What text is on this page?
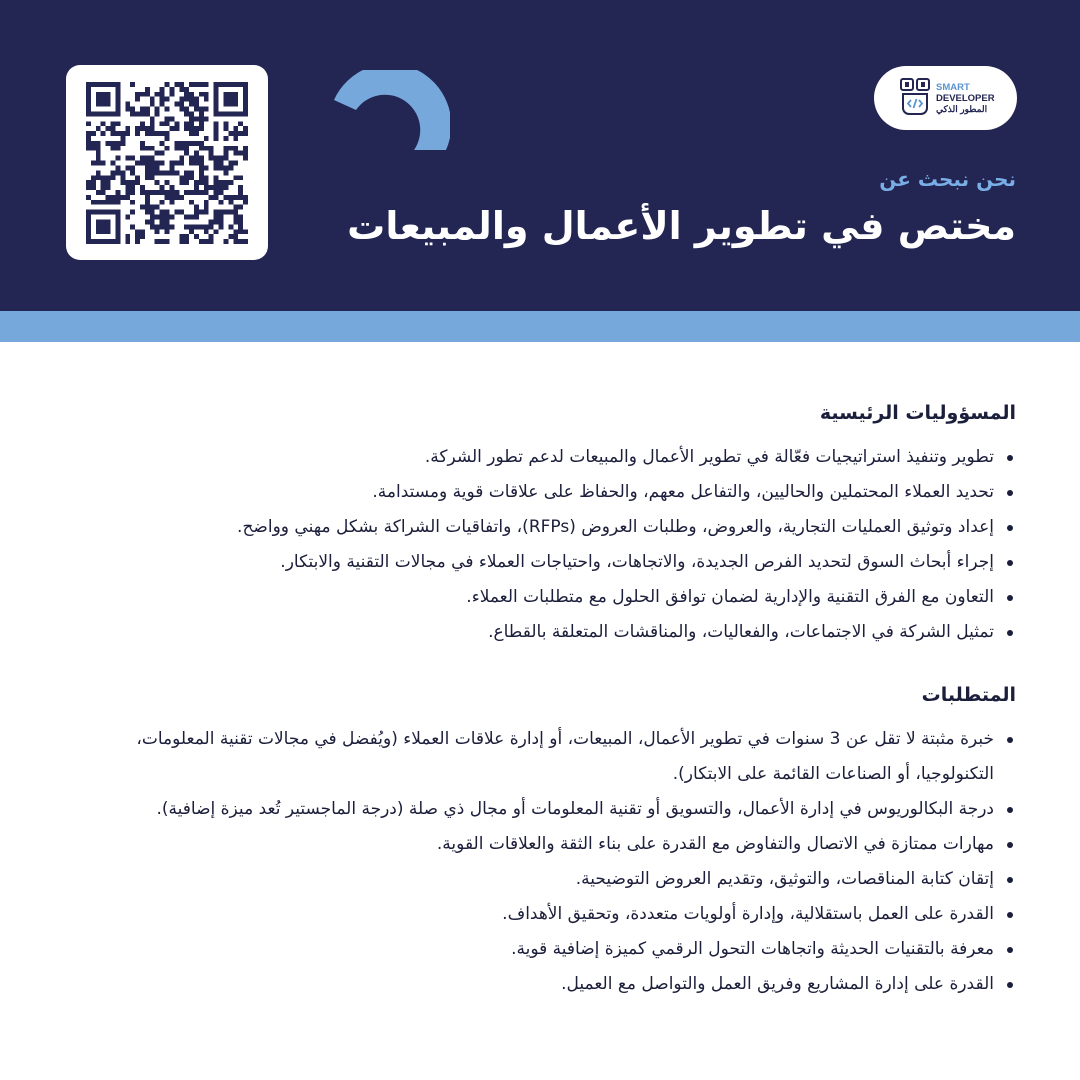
SMART
DEVELOPER
المطور الذكي
نحن نبحث عن
مختص في تطوير الأعمال والمبيعات
المسؤوليات الرئيسية
تطوير وتنفيذ استراتيجيات فعّالة في تطوير الأعمال والمبيعات لدعم تطور الشركة.
تحديد العملاء المحتملين والحاليين، والتفاعل معهم، والحفاظ على علاقات قوية ومستدامة.
إعداد وتوثيق العمليات التجارية، والعروض، وطلبات العروض (RFPs)، واتفاقيات الشراكة بشكل مهني وواضح.
إجراء أبحاث السوق لتحديد الفرص الجديدة، والاتجاهات، واحتياجات العملاء في مجالات التقنية والابتكار.
التعاون مع الفرق التقنية والإدارية لضمان توافق الحلول مع متطلبات العملاء.
تمثيل الشركة في الاجتماعات، والفعاليات، والمناقشات المتعلقة بالقطاع.
المتطلبات
خبرة مثبتة لا تقل عن 3 سنوات في تطوير الأعمال، المبيعات، أو إدارة علاقات العملاء (ويُفضل في مجالات تقنية المعلومات، التكنولوجيا، أو الصناعات القائمة على الابتكار).
درجة البكالوريوس في إدارة الأعمال، والتسويق أو تقنية المعلومات أو مجال ذي صلة (درجة الماجستير تُعد ميزة إضافية).
مهارات ممتازة في الاتصال والتفاوض مع القدرة على بناء الثقة والعلاقات القوية.
إتقان كتابة المناقصات، والتوثيق، وتقديم العروض التوضيحية.
القدرة على العمل باستقلالية، وإدارة أولويات متعددة، وتحقيق الأهداف.
معرفة بالتقنيات الحديثة واتجاهات التحول الرقمي كميزة إضافية قوية.
القدرة على إدارة المشاريع وفريق العمل والتواصل مع العميل.
